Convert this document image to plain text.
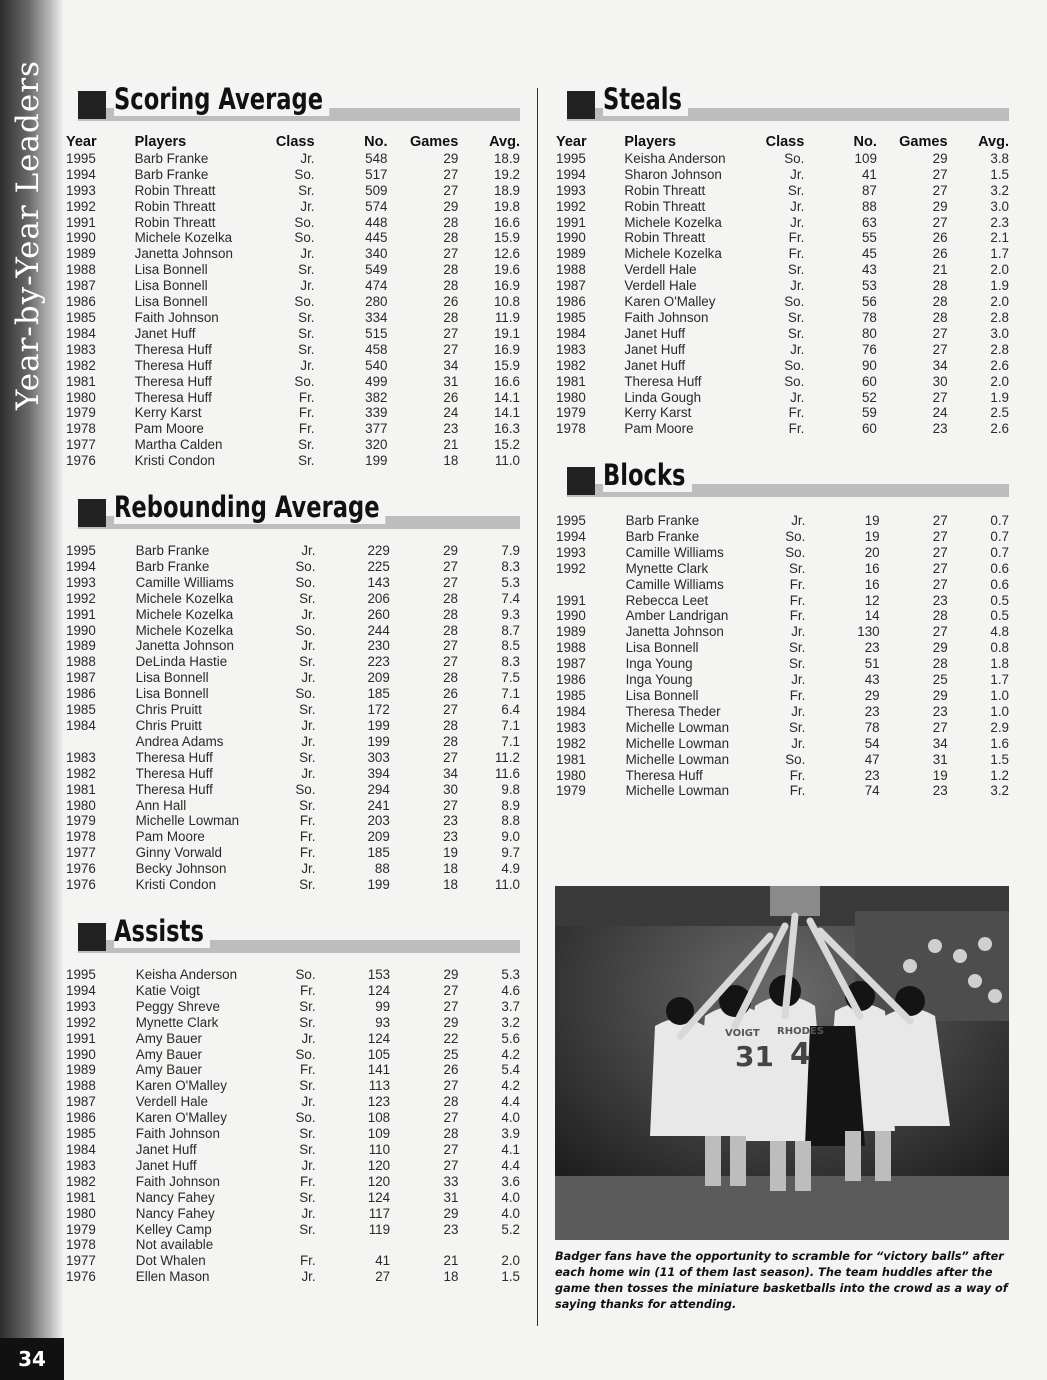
Year-by-Year Leaders
34
Scoring Average
Year	Players	Class	No.	Games	Avg.
1995	Barb Franke	Jr.	548	29	18.9
1994	Barb Franke	So.	517	27	19.2
1993	Robin Threatt	Sr.	509	27	18.9
1992	Robin Threatt	Jr.	574	29	19.8
1991	Robin Threatt	So.	448	28	16.6
1990	Michele Kozelka	So.	445	28	15.9
1989	Janetta Johnson	Jr.	340	27	12.6
1988	Lisa Bonnell	Sr.	549	28	19.6
1987	Lisa Bonnell	Jr.	474	28	16.9
1986	Lisa Bonnell	So.	280	26	10.8
1985	Faith Johnson	Sr.	334	28	11.9
1984	Janet Huff	Sr.	515	27	19.1
1983	Theresa Huff	Sr.	458	27	16.9
1982	Theresa Huff	Jr.	540	34	15.9
1981	Theresa Huff	So.	499	31	16.6
1980	Theresa Huff	Fr.	382	26	14.1
1979	Kerry Karst	Fr.	339	24	14.1
1978	Pam Moore	Fr.	377	23	16.3
1977	Martha Calden	Sr.	320	21	15.2
1976	Kristi Condon	Sr.	199	18	11.0
Rebounding Average
1995	Barb Franke	Jr.	229	29	7.9
1994	Barb Franke	So.	225	27	8.3
1993	Camille Williams	So.	143	27	5.3
1992	Michele Kozelka	Sr.	206	28	7.4
1991	Michele Kozelka	Jr.	260	28	9.3
1990	Michele Kozelka	So.	244	28	8.7
1989	Janetta Johnson	Jr.	230	27	8.5
1988	DeLinda Hastie	Sr.	223	27	8.3
1987	Lisa Bonnell	Jr.	209	28	7.5
1986	Lisa Bonnell	So.	185	26	7.1
1985	Chris Pruitt	Sr.	172	27	6.4
1984	Chris Pruitt	Jr.	199	28	7.1
	Andrea Adams	Jr.	199	28	7.1
1983	Theresa Huff	Sr.	303	27	11.2
1982	Theresa Huff	Jr.	394	34	11.6
1981	Theresa Huff	So.	294	30	9.8
1980	Ann Hall	Sr.	241	27	8.9
1979	Michelle Lowman	Fr.	203	23	8.8
1978	Pam Moore	Fr.	209	23	9.0
1977	Ginny Vorwald	Fr.	185	19	9.7
1976	Becky Johnson	Jr.	88	18	4.9
1976	Kristi Condon	Sr.	199	18	11.0
Assists
1995	Keisha Anderson	So.	153	29	5.3
1994	Katie Voigt	Fr.	124	27	4.6
1993	Peggy Shreve	Sr.	99	27	3.7
1992	Mynette Clark	Sr.	93	29	3.2
1991	Amy Bauer	Jr.	124	22	5.6
1990	Amy Bauer	So.	105	25	4.2
1989	Amy Bauer	Fr.	141	26	5.4
1988	Karen O'Malley	Sr.	113	27	4.2
1987	Verdell Hale	Jr.	123	28	4.4
1986	Karen O'Malley	So.	108	27	4.0
1985	Faith Johnson	Sr.	109	28	3.9
1984	Janet Huff	Sr.	110	27	4.1
1983	Janet Huff	Jr.	120	27	4.4
1982	Faith Johnson	Fr.	120	33	3.6
1981	Nancy Fahey	Sr.	124	31	4.0
1980	Nancy Fahey	Jr.	117	29	4.0
1979	Kelley Camp	Sr.	119	23	5.2
1978	Not available				
1977	Dot Whalen	Fr.	41	21	2.0
1976	Ellen Mason	Jr.	27	18	1.5
Steals
Year	Players	Class	No.	Games	Avg.
1995	Keisha Anderson	So.	109	29	3.8
1994	Sharon Johnson	Jr.	41	27	1.5
1993	Robin Threatt	Sr.	87	27	3.2
1992	Robin Threatt	Jr.	88	29	3.0
1991	Michele Kozelka	Jr.	63	27	2.3
1990	Robin Threatt	Fr.	55	26	2.1
1989	Michele Kozelka	Fr.	45	26	1.7
1988	Verdell Hale	Sr.	43	21	2.0
1987	Verdell Hale	Jr.	53	28	1.9
1986	Karen O'Malley	So.	56	28	2.0
1985	Faith Johnson	Sr.	78	28	2.8
1984	Janet Huff	Sr.	80	27	3.0
1983	Janet Huff	Jr.	76	27	2.8
1982	Janet Huff	So.	90	34	2.6
1981	Theresa Huff	So.	60	30	2.0
1980	Linda Gough	Jr.	52	27	1.9
1979	Kerry Karst	Fr.	59	24	2.5
1978	Pam Moore	Fr.	60	23	2.6
Blocks
1995	Barb Franke	Jr.	19	27	0.7
1994	Barb Franke	So.	19	27	0.7
1993	Camille Williams	So.	20	27	0.7
1992	Mynette Clark	Sr.	16	27	0.6
	Camille Williams	Fr.	16	27	0.6
1991	Rebecca Leet	Fr.	12	23	0.5
1990	Amber Landrigan	Fr.	14	28	0.5
1989	Janetta Johnson	Jr.	130	27	4.8
1988	Lisa Bonnell	Sr.	23	29	0.8
1987	Inga Young	Sr.	51	28	1.8
1986	Inga Young	Jr.	43	25	1.7
1985	Lisa Bonnell	Fr.	29	29	1.0
1984	Theresa Theder	Jr.	23	23	1.0
1983	Michelle Lowman	Sr.	78	27	2.9
1982	Michelle Lowman	Jr.	54	34	1.6
1981	Michelle Lowman	So.	47	31	1.5
1980	Theresa Huff	Fr.	23	19	1.2
1979	Michelle Lowman	Fr.	74	23	3.2
31 4
VOIGT RHODES
Badger fans have the opportunity to scramble for “victory balls” after each home win (11 of them last season). The team huddles after the game then tosses the miniature basketballs into the crowd as a way of saying thanks for attending.
